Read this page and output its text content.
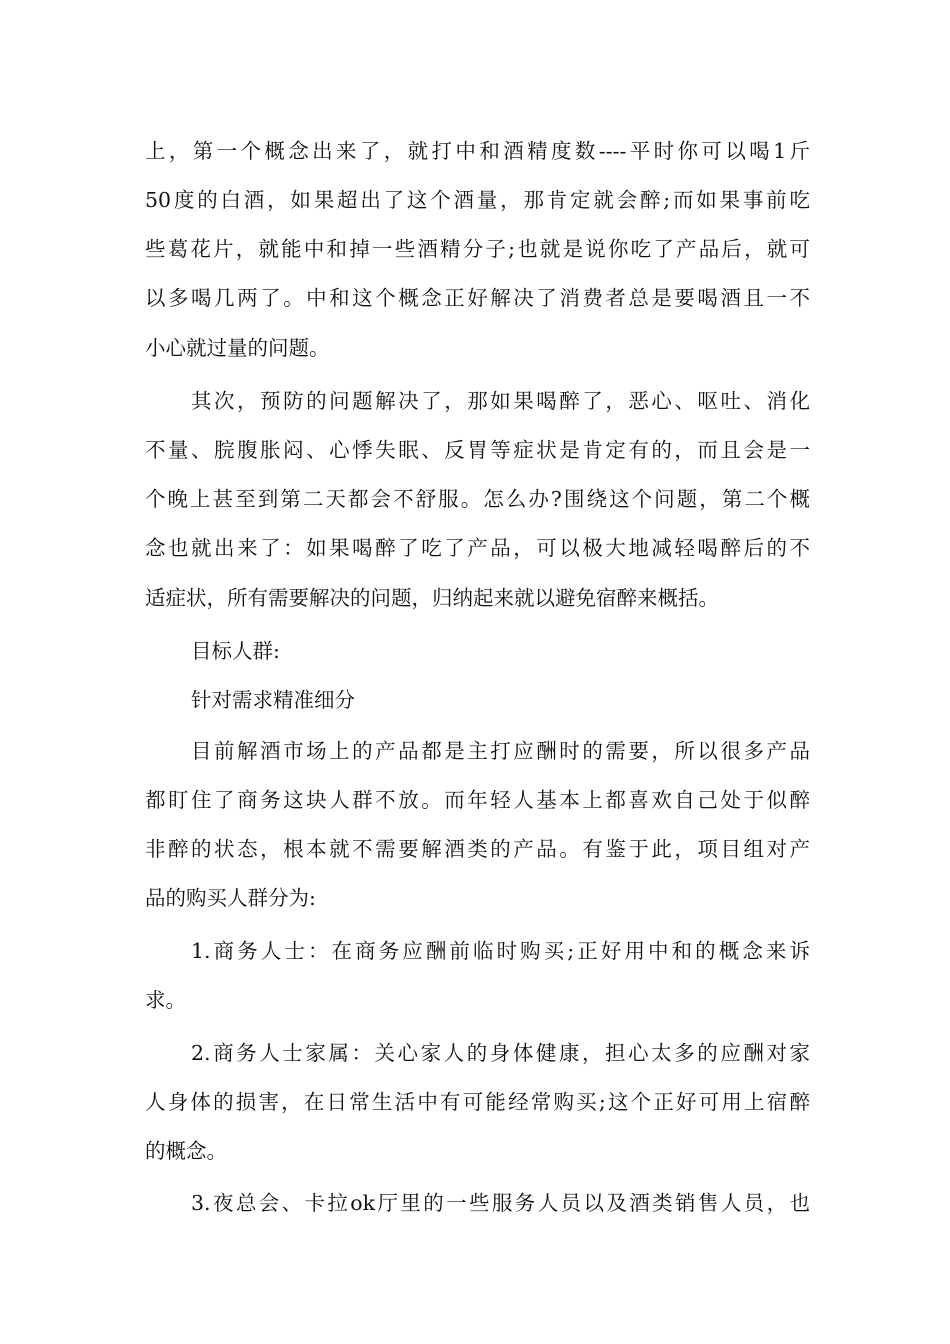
上，第一个概念出来了，就打中和酒精度数----平时你可以喝1斤
50度的白酒，如果超出了这个酒量，那肯定就会醉;而如果事前吃
些葛花片，就能中和掉一些酒精分子;也就是说你吃了产品后，就可
以多喝几两了。中和这个概念正好解决了消费者总是要喝酒且一不
小心就过量的问题。
其次，预防的问题解决了，那如果喝醉了，恶心、呕吐、消化
不量、脘腹胀闷、心悸失眠、反胃等症状是肯定有的，而且会是一
个晚上甚至到第二天都会不舒服。怎么办?围绕这个问题，第二个概
念也就出来了：如果喝醉了吃了产品，可以极大地减轻喝醉后的不
适症状，所有需要解决的问题，归纳起来就以避免宿醉来概括。
目标人群:
针对需求精准细分
目前解酒市场上的产品都是主打应酬时的需要，所以很多产品
都盯住了商务这块人群不放。而年轻人基本上都喜欢自己处于似醉
非醉的状态，根本就不需要解酒类的产品。有鉴于此，项目组对产
品的购买人群分为:
1.商务人士：在商务应酬前临时购买;正好用中和的概念来诉
求。
2.商务人士家属：关心家人的身体健康，担心太多的应酬对家
人身体的损害，在日常生活中有可能经常购买;这个正好可用上宿醉
的概念。
3.夜总会、卡拉ok厅里的一些服务人员以及酒类销售人员，也
